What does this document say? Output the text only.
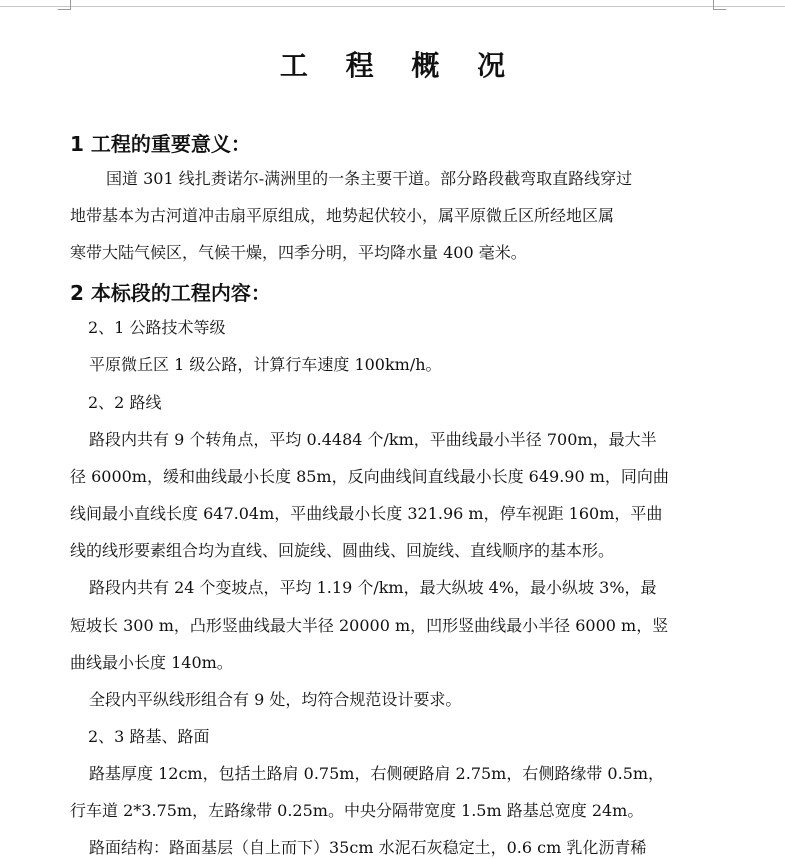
工 程 概 况
1 工程的重要意义：
国道 301 线扎赉诺尔-满洲里的一条主要干道。部分路段截弯取直路线穿过
地带基本为古河道冲击扇平原组成，地势起伏较小，属平原微丘区所经地区属
寒带大陆气候区，气候干燥，四季分明，平均降水量 400 毫米。
2 本标段的工程内容：
2、1 公路技术等级
平原微丘区 1 级公路，计算行车速度 100km/h。
2、2 路线
路段内共有 9 个转角点，平均 0.4484 个/km，平曲线最小半径 700m，最大半
径 6000m，缓和曲线最小长度 85m，反向曲线间直线最小长度 649.90 m，同向曲
线间最小直线长度 647.04m，平曲线最小长度 321.96 m，停车视距 160m，平曲
线的线形要素组合均为直线、回旋线、圆曲线、回旋线、直线顺序的基本形。
路段内共有 24 个变坡点，平均 1.19 个/km，最大纵坡 4%，最小纵坡 3%，最
短坡长 300 m，凸形竖曲线最大半径 20000 m，凹形竖曲线最小半径 6000 m，竖
曲线最小长度 140m。
全段内平纵线形组合有 9 处，均符合规范设计要求。
2、3 路基、路面
路基厚度 12cm，包括土路肩 0.75m，右侧硬路肩 2.75m，右侧路缘带 0.5m，
行车道 2*3.75m，左路缘带 0.25m。中央分隔带宽度 1.5m 路基总宽度 24m。
路面结构：路面基层（自上而下）35cm 水泥石灰稳定土，0.6 cm 乳化沥青稀
